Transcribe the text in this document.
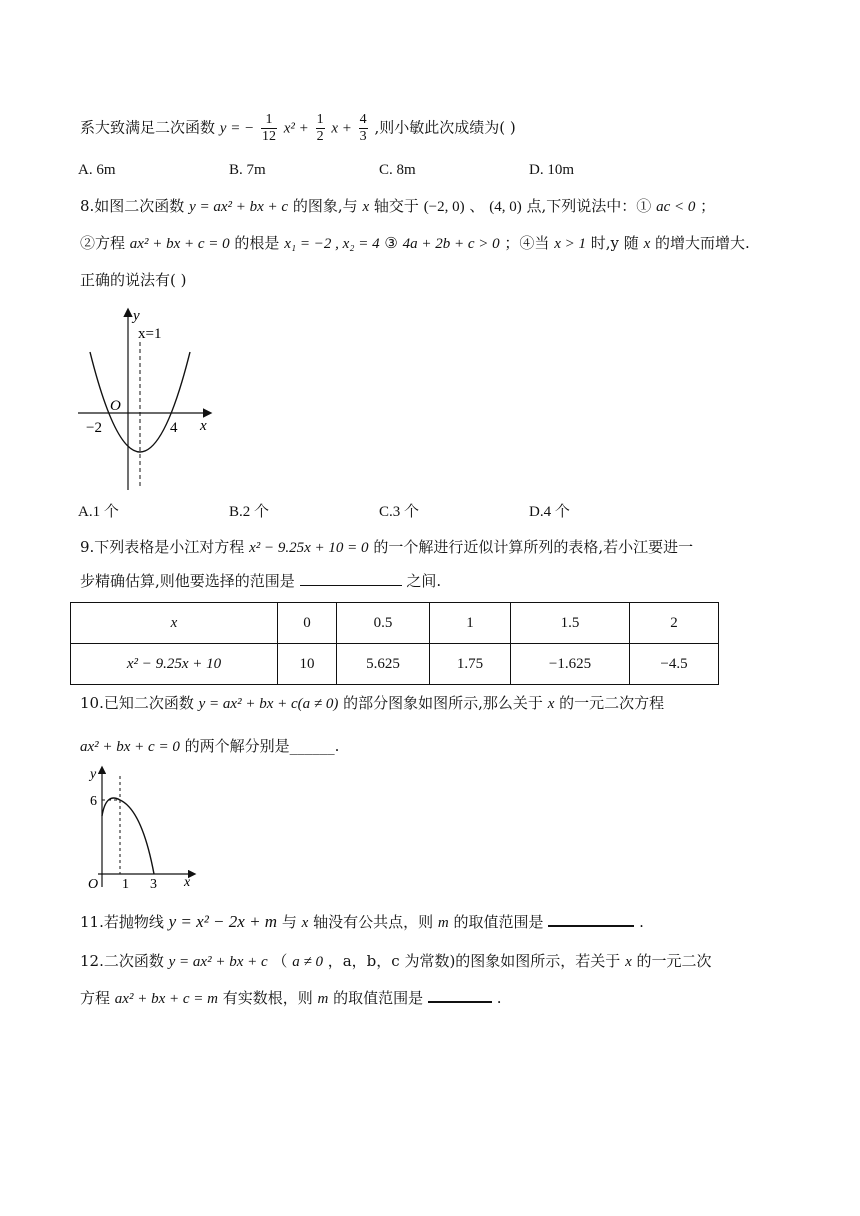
系大致满足二次函数 y = − $\frac{1}{12} x^2 + \frac{1}{2}$ $x + \frac{4}{3}$ ,则小敏此次成绩为( )
A. 6m	B. 7m	C. 8m	D. 10m
8.如图二次函数 y = ax² + bx + c 的图象,与 x 轴交于 (−2, 0) 、 (4, 0) 点,下列说法中：① ac < 0 ；
②方程 ax² + bx + c = 0 的根是 x₁ = −2 , x₂ = 4 ③ 4a + 2b + c > 0 ；④当 x > 1 时,y 随 x 的增大而增大.
正确的说法有( )
y
x=1
O
x
−2	4
A.1 个	B.2 个	C.3 个	D.4 个
9.下列表格是小江对方程 x² − 9.25x + 10 = 0 的一个解进行近似计算所列的表格,若小江要进一
步精确估算,则他要选择的范围是	之间.
x	0	0.5	1	1.5	2
x² − 9.25x + 10	10	5.625	1.75	−1.625	−4.5
10.已知二次函数 y = ax² + bx + c(a ≠ 0) 的部分图象如图所示,那么关于 x 的一元二次方程
ax² + bx + c = 0 的两个解分别是______.
y
6
O 1 3 x
11.若抛物线 y = x² − 2x + m 与 x 轴没有公共点，则 m 的取值范围是	.
12.二次函数 y = ax² + bx + c （ a ≠ 0 ，a，b，c 为常数)的图象如图所示，若关于 x 的一元二次
方程 ax² + bx + c = m 有实数根，则 m 的取值范围是	.
